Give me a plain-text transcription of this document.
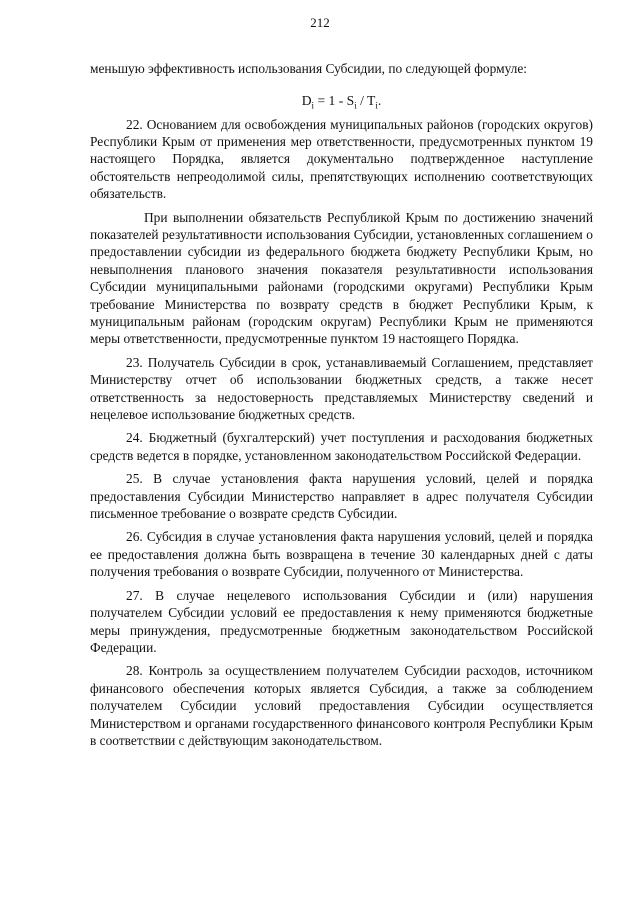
212

меньшую эффективность использования Субсидии, по следующей формуле:

$D_i = 1 - S_i / T_i$.

22. Основанием для освобождения муниципальных районов (городских округов) Республики Крым от применения мер ответственности, предусмотренных пунктом 19 настоящего Порядка, является документально подтвержденное наступление обстоятельств непреодолимой силы, препятствующих исполнению соответствующих обязательств.

При выполнении обязательств Республикой Крым по достижению значений показателей результативности использования Субсидии, установленных соглашением о предоставлении субсидии из федерального бюджета бюджету Республики Крым, но невыполнения планового значения показателя результативности использования Субсидии муниципальными районами (городскими округами) Республики Крым требование Министерства по возврату средств в бюджет Республики Крым, к муниципальным районам (городским округам) Республики Крым не применяются меры ответственности, предусмотренные пунктом 19 настоящего Порядка.

23. Получатель Субсидии в срок, устанавливаемый Соглашением, представляет Министерству отчет об использовании бюджетных средств, а также несет ответственность за недостоверность представляемых Министерству сведений и нецелевое использование бюджетных средств.

24. Бюджетный (бухгалтерский) учет поступления и расходования бюджетных средств ведется в порядке, установленном законодательством Российской Федерации.

25. В случае установления факта нарушения условий, целей и порядка предоставления Субсидии Министерство направляет в адрес получателя Субсидии письменное требование о возврате средств Субсидии.

26. Субсидия в случае установления факта нарушения условий, целей и порядка ее предоставления должна быть возвращена в течение 30 календарных дней с даты получения требования о возврате Субсидии, полученного от Министерства.

27. В случае нецелевого использования Субсидии и (или) нарушения получателем Субсидии условий ее предоставления к нему применяются бюджетные меры принуждения, предусмотренные бюджетным законодательством Российской Федерации.

28. Контроль за осуществлением получателем Субсидии расходов, источником финансового обеспечения которых является Субсидия, а также за соблюдением получателем Субсидии условий предоставления Субсидии осуществляется Министерством и органами государственного финансового контроля Республики Крым в соответствии с действующим законодательством.
